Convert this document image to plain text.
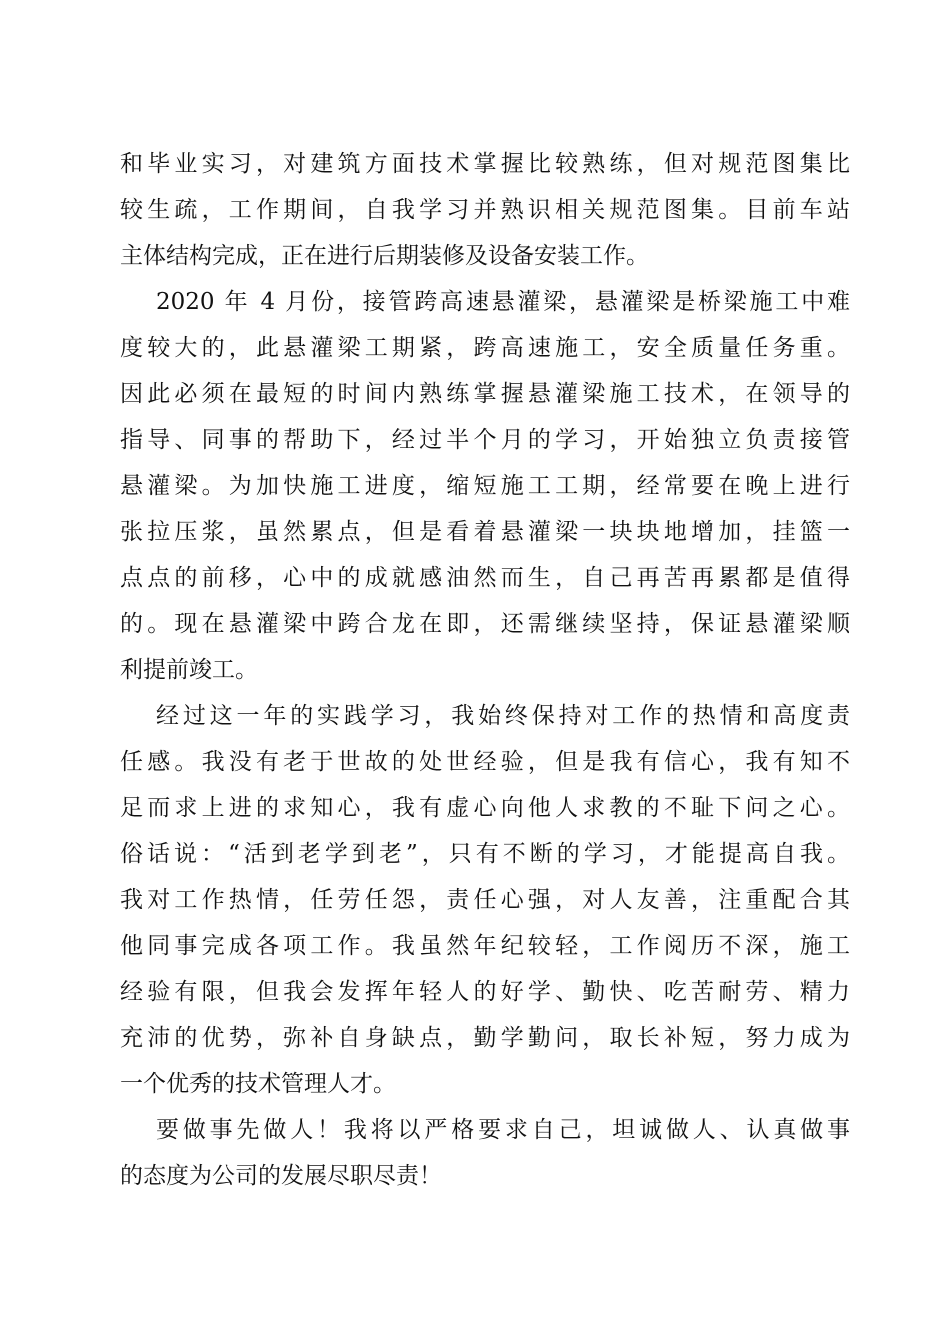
和毕业实习，对建筑方面技术掌握比较熟练，但对规范图集比
较生疏，工作期间，自我学习并熟识相关规范图集。目前车站
主体结构完成，正在进行后期装修及设备安装工作。
2020 年 4 月份，接管跨高速悬灌梁，悬灌梁是桥梁施工中难
度较大的，此悬灌梁工期紧，跨高速施工，安全质量任务重。
因此必须在最短的时间内熟练掌握悬灌梁施工技术，在领导的
指导、同事的帮助下，经过半个月的学习，开始独立负责接管
悬灌梁。为加快施工进度，缩短施工工期，经常要在晚上进行
张拉压浆，虽然累点，但是看着悬灌梁一块块地增加，挂篮一
点点的前移，心中的成就感油然而生，自己再苦再累都是值得
的。现在悬灌梁中跨合龙在即，还需继续坚持，保证悬灌梁顺
利提前竣工。
经过这一年的实践学习，我始终保持对工作的热情和高度责
任感。我没有老于世故的处世经验，但是我有信心，我有知不
足而求上进的求知心，我有虚心向他人求教的不耻下问之心。
俗话说：“活到老学到老”，只有不断的学习，才能提高自我。
我对工作热情，任劳任怨，责任心强，对人友善，注重配合其
他同事完成各项工作。我虽然年纪较轻，工作阅历不深，施工
经验有限，但我会发挥年轻人的好学、勤快、吃苦耐劳、精力
充沛的优势，弥补自身缺点，勤学勤问，取长补短，努力成为
一个优秀的技术管理人才。
要做事先做人！我将以严格要求自己，坦诚做人、认真做事
的态度为公司的发展尽职尽责！
